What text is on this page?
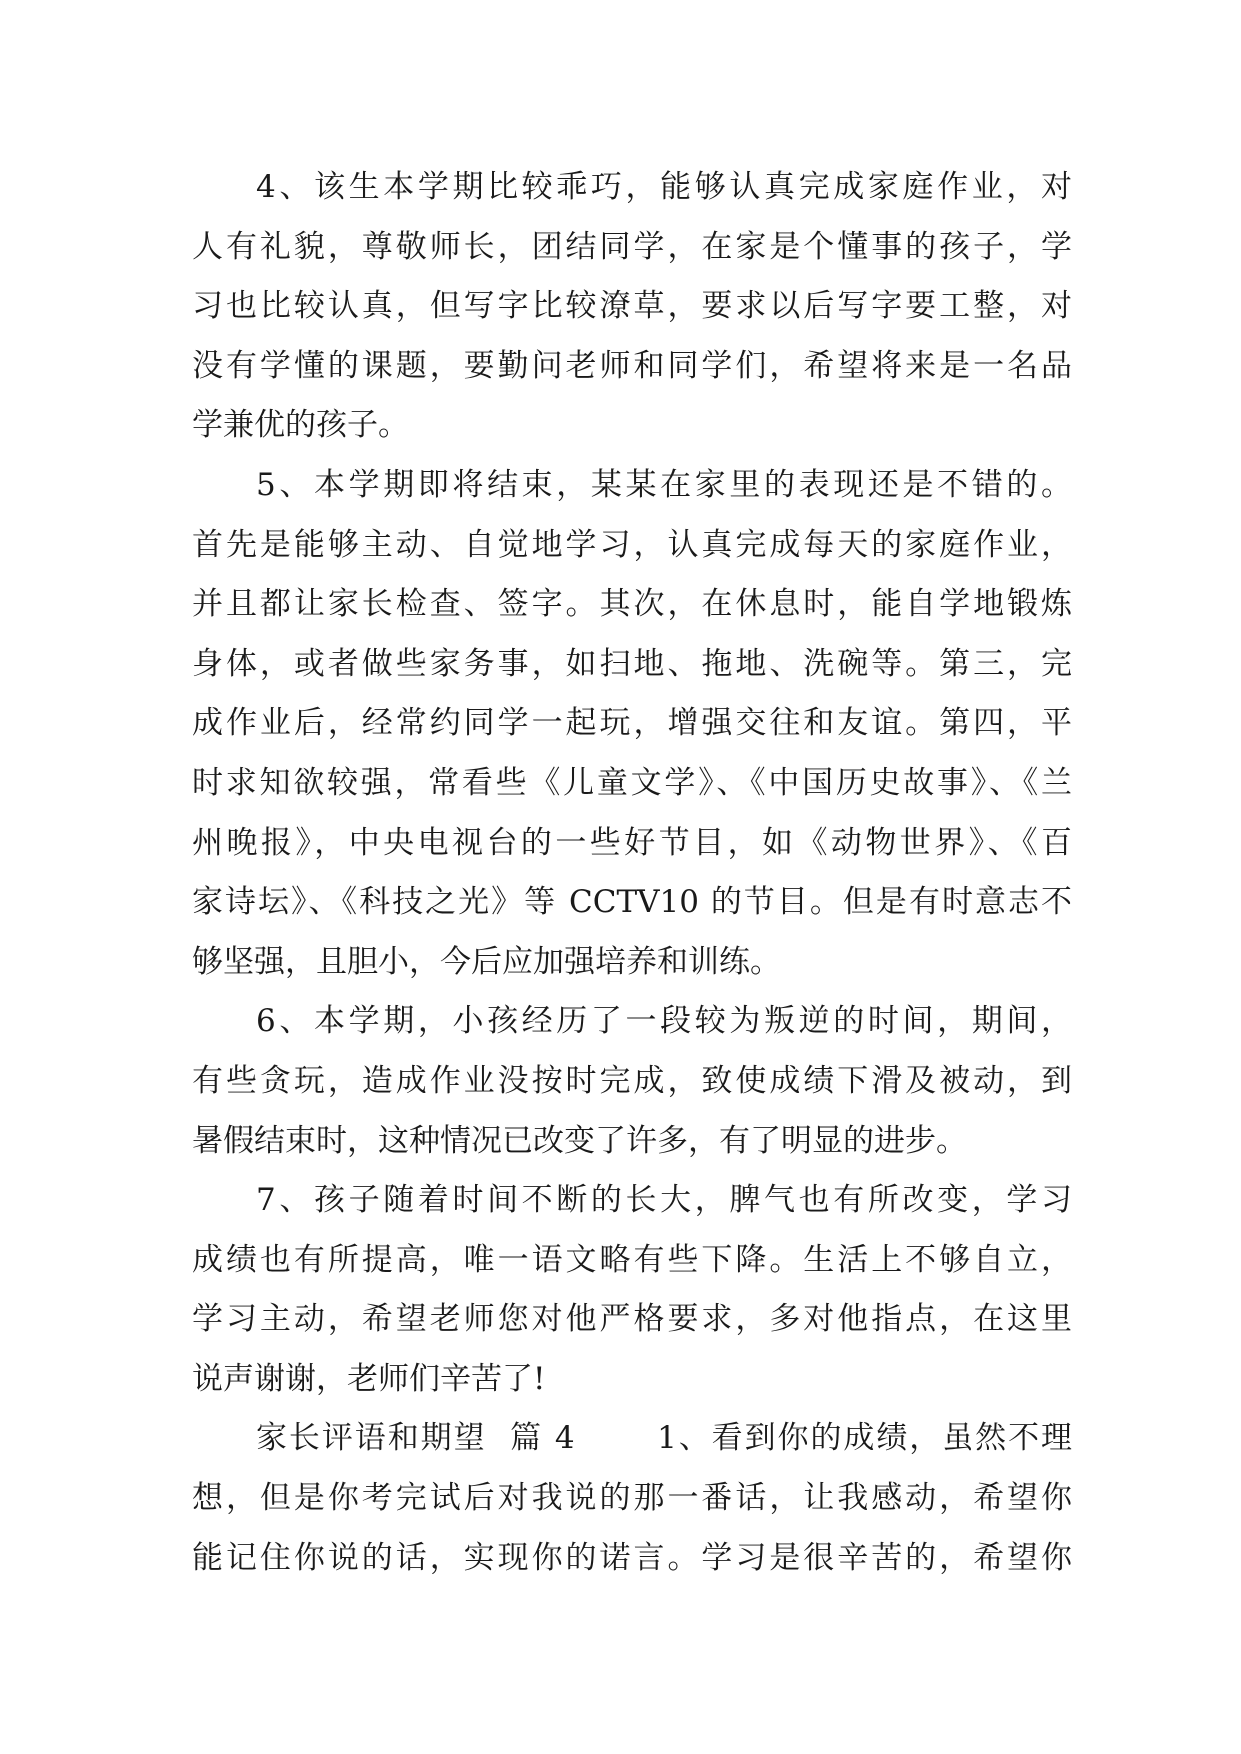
4、该生本学期比较乖巧，能够认真完成家庭作业，对
人有礼貌，尊敬师长，团结同学，在家是个懂事的孩子，学
习也比较认真，但写字比较潦草，要求以后写字要工整，对
没有学懂的课题，要勤问老师和同学们，希望将来是一名品
学兼优的孩子。
5、本学期即将结束，某某在家里的表现还是不错的。
首先是能够主动、自觉地学习，认真完成每天的家庭作业，
并且都让家长检查、签字。其次，在休息时，能自学地锻炼
身体，或者做些家务事，如扫地、拖地、洗碗等。第三，完
成作业后，经常约同学一起玩，增强交往和友谊。第四，平
时求知欲较强，常看些《儿童文学》、《中国历史故事》、《兰
州晚报》，中央电视台的一些好节目，如《动物世界》、《百
家诗坛》、《科技之光》等 CCTV10 的节目。但是有时意志不
够坚强，且胆小，今后应加强培养和训练。
6、本学期，小孩经历了一段较为叛逆的时间，期间，
有些贪玩，造成作业没按时完成，致使成绩下滑及被动，到
暑假结束时，这种情况已改变了许多，有了明显的进步。
7、孩子随着时间不断的长大，脾气也有所改变，学习
成绩也有所提高，唯一语文略有些下降。生活上不够自立，
学习主动，希望老师您对他严格要求，多对他指点，在这里
说声谢谢，老师们辛苦了!
家长评语和期望  篇 4       1、看到你的成绩，虽然不理
想，但是你考完试后对我说的那一番话，让我感动，希望你
能记住你说的话，实现你的诺言。学习是很辛苦的，希望你
